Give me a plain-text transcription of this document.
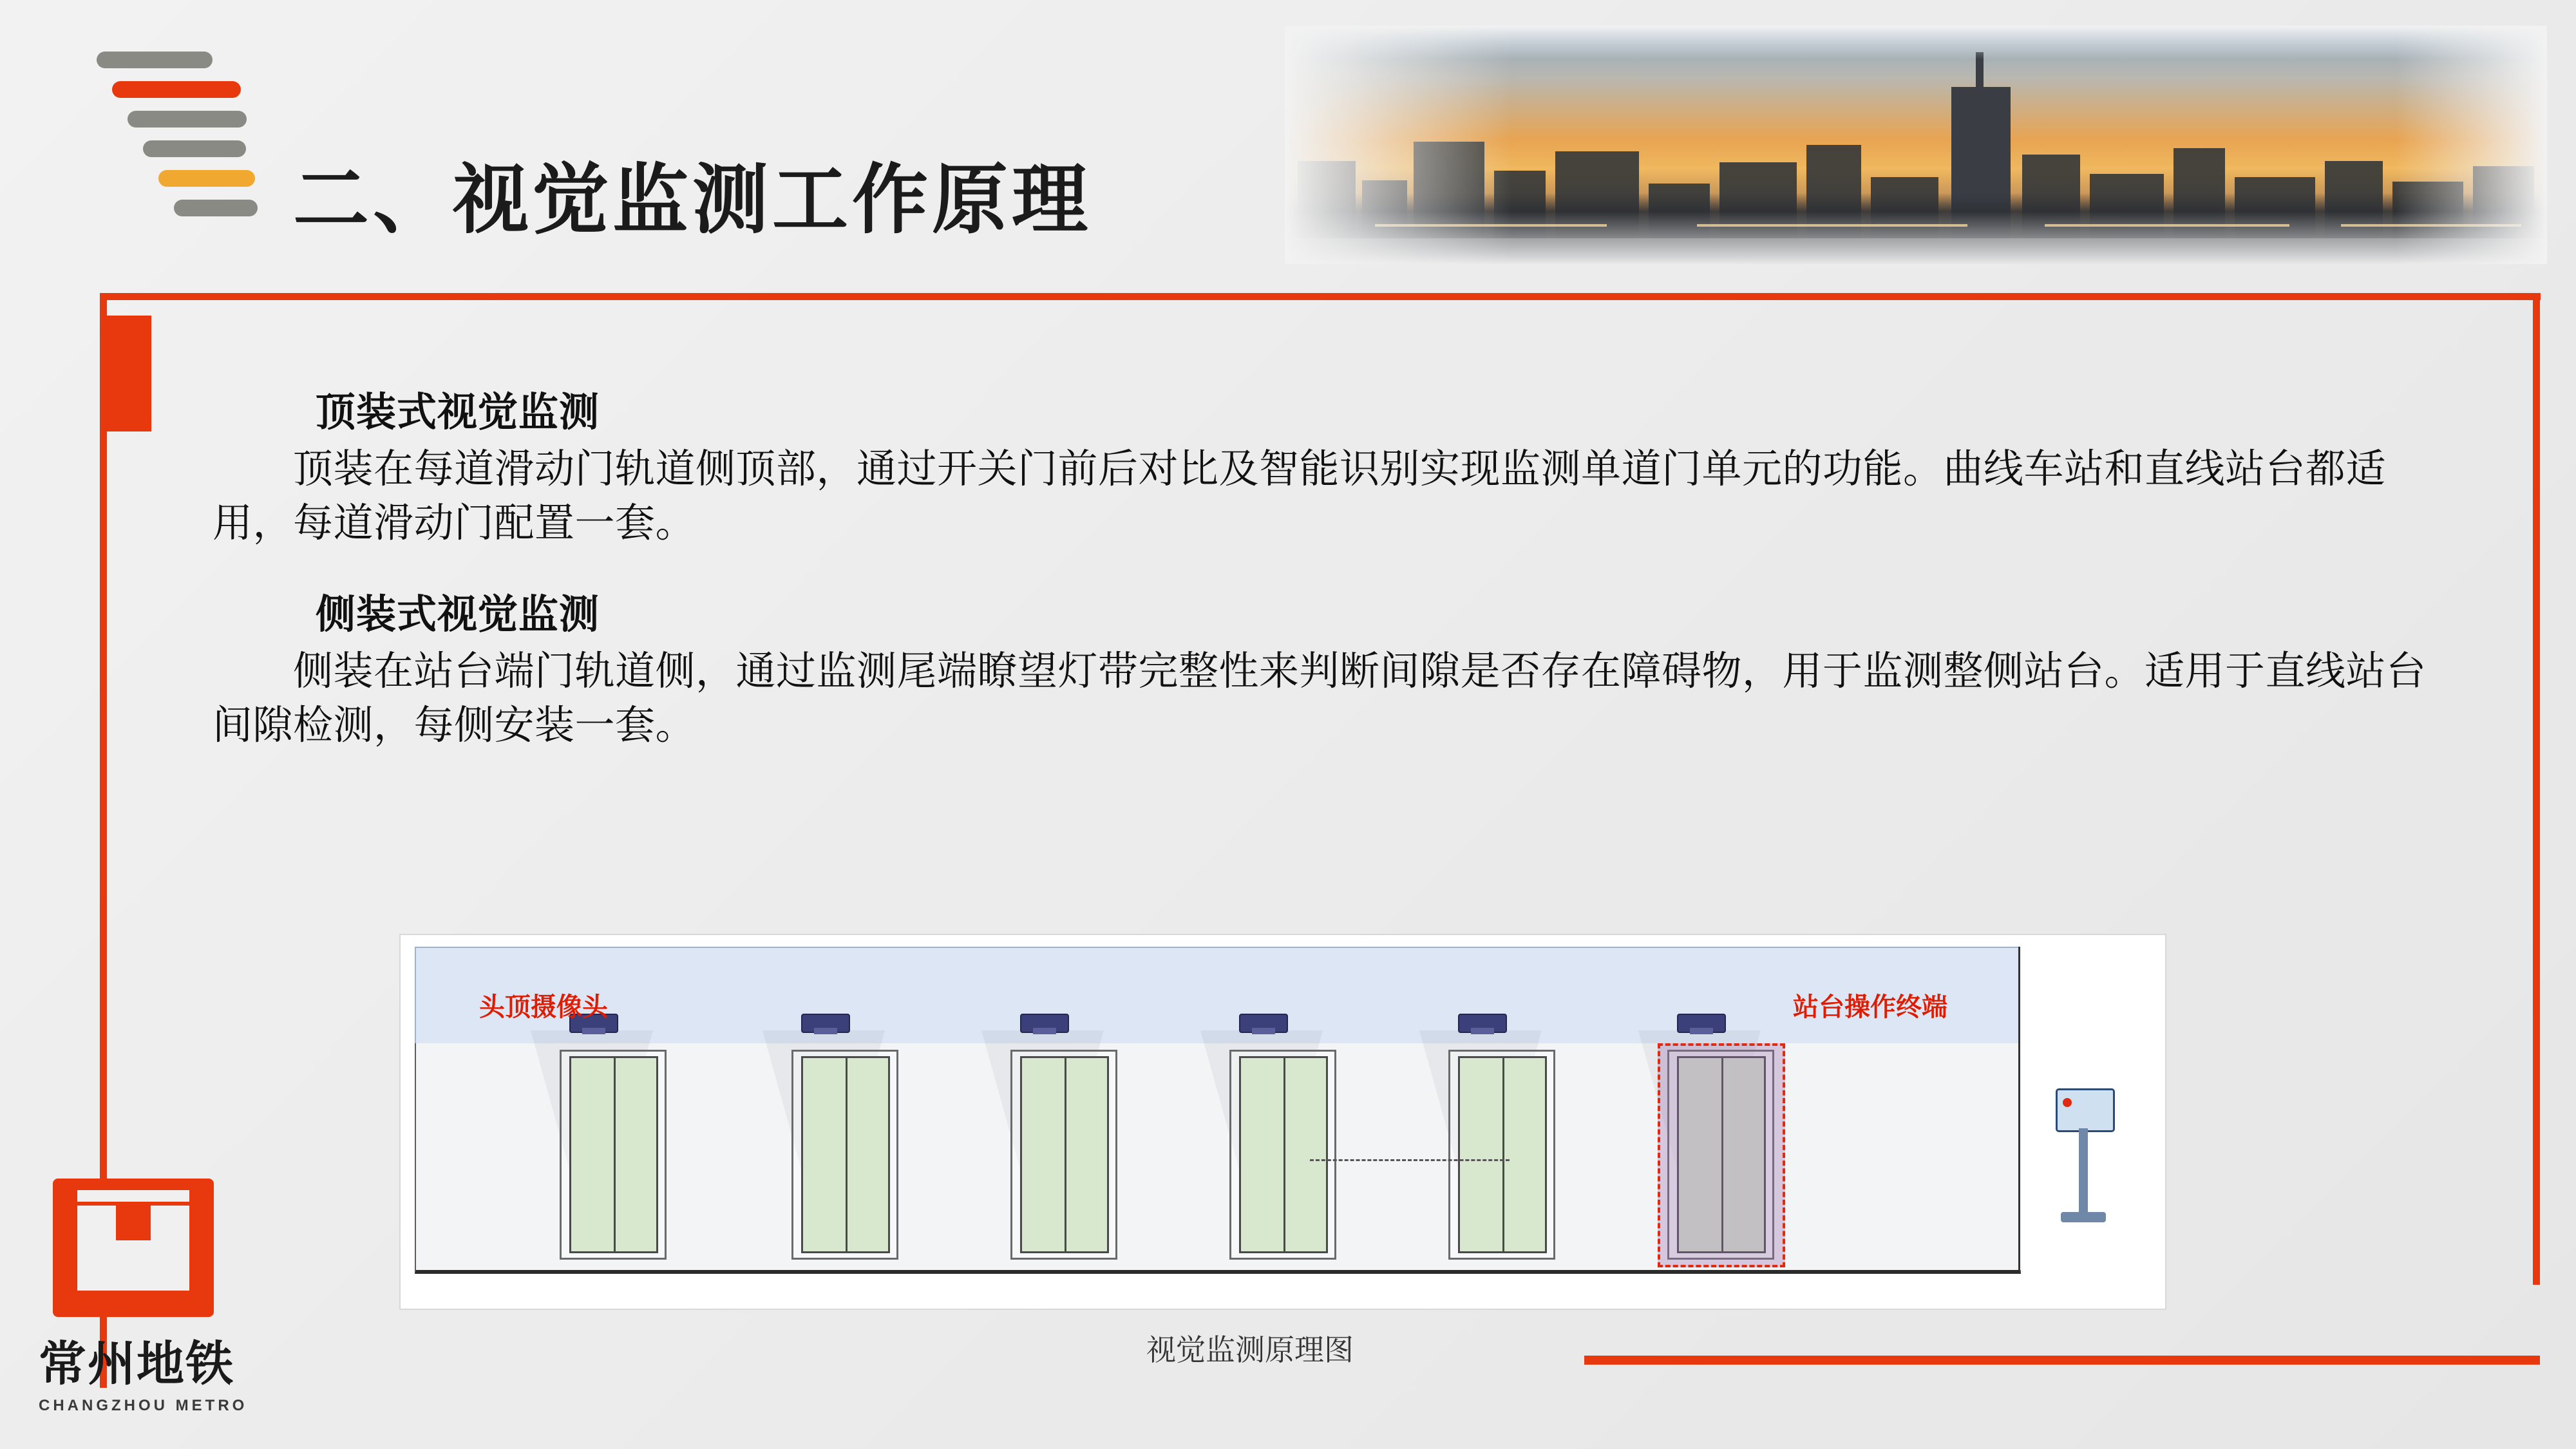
二、视觉监测工作原理
顶装式视觉监测
顶装在每道滑动门轨道侧顶部，通过开关门前后对比及智能识别实现监测单道门单元的功能。曲线车站和直线站台都适用，每道滑动门配置一套。
侧装式视觉监测
侧装在站台端门轨道侧，通过监测尾端瞭望灯带完整性来判断间隙是否存在障碍物，用于监测整侧站台。适用于直线站台间隙检测，每侧安装一套。
头顶摄像头	站台操作终端
视觉监测原理图
常州地铁
CHANGZHOU METRO
